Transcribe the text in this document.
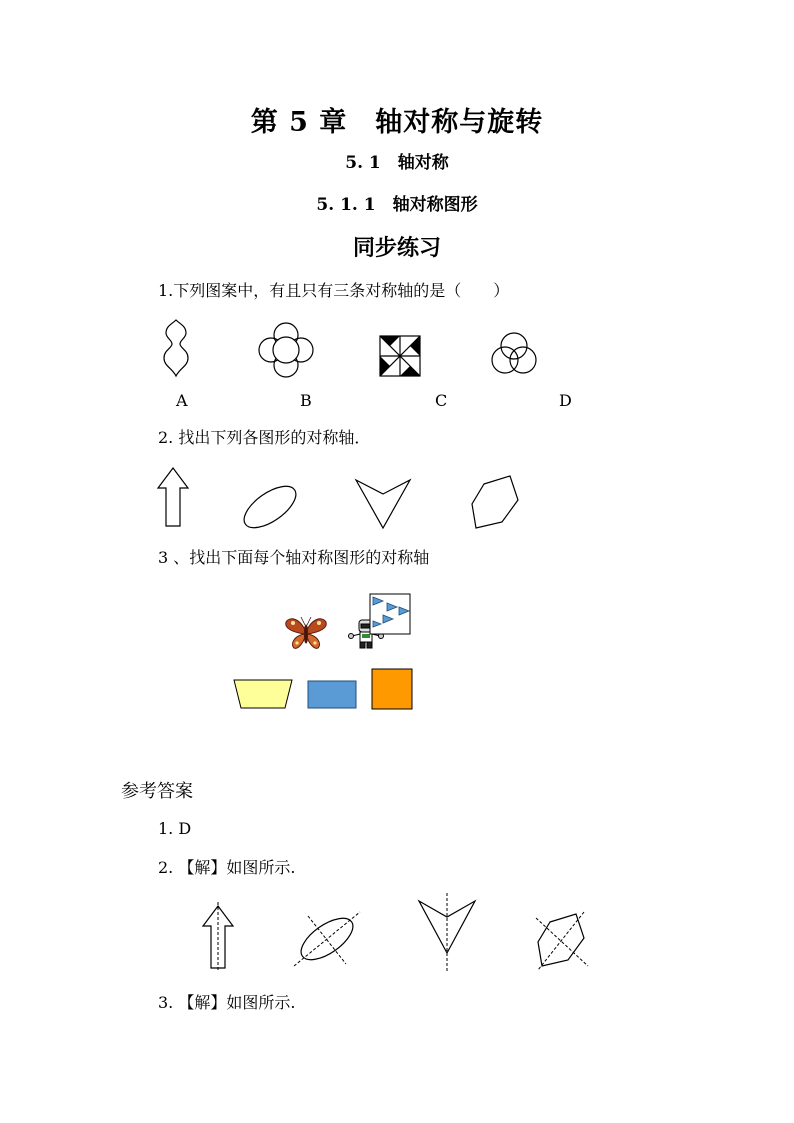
第 5 章　轴对称与旋转
5. 1　轴对称
5. 1. 1　轴对称图形
同步练习
1.下列图案中，有且只有三条对称轴的是（　　）
A	B	C	D
2. 找出下列各图形的对称轴．
3 、找出下面每个轴对称图形的对称轴
参考答案
1. D
2. 【解】如图所示.
3. 【解】如图所示.
